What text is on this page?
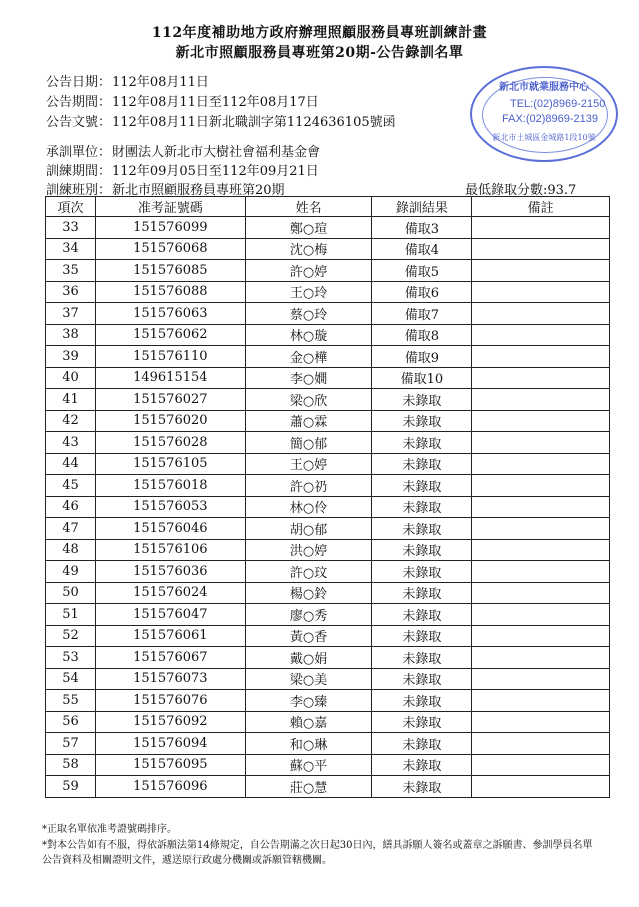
112年度補助地方政府辦理照顧服務員專班訓練計畫
新北市照顧服務員專班第20期-公告錄訓名單
公告日期：112年08月11日
公告期間：112年08月11日至112年08月17日
公告文號：112年08月11日新北職訓字第1124636105號函
承訓單位：財團法人新北市大樹社會福利基金會
訓練期間：112年09月05日至112年09月21日
訓練班別：新北市照顧服務員專班第20期	最低錄取分數:93.7
新北市就業服務中心
TEL:(02)8969-2150
FAX:(02)8969-2139
新北市土城區金城路1段10號
項次	准考証號碼	姓名	錄訓結果	備註
33	151576099	鄭○瑄	備取3	
34	151576068	沈○梅	備取4	
35	151576085	許○婷	備取5	
36	151576088	王○玲	備取6	
37	151576063	蔡○玲	備取7	
38	151576062	林○璇	備取8	
39	151576110	金○樺	備取9	
40	149615154	李○嫺	備取10	
41	151576027	梁○欣	未錄取	
42	151576020	蕭○霖	未錄取	
43	151576028	簡○郁	未錄取	
44	151576105	王○婷	未錄取	
45	151576018	許○礽	未錄取	
46	151576053	林○伶	未錄取	
47	151576046	胡○郁	未錄取	
48	151576106	洪○婷	未錄取	
49	151576036	許○玟	未錄取	
50	151576024	楊○鈴	未錄取	
51	151576047	廖○秀	未錄取	
52	151576061	黃○香	未錄取	
53	151576067	戴○娟	未錄取	
54	151576073	梁○美	未錄取	
55	151576076	李○臻	未錄取	
56	151576092	賴○嘉	未錄取	
57	151576094	和○琳	未錄取	
58	151576095	蘇○平	未錄取	
59	151576096	莊○慧	未錄取	
*正取名單依准考證號碼排序。
*對本公告如有不服，得依訴願法第14條規定，自公告期滿之次日起30日內，繕具訴願人簽名或蓋章之訴願書、參訓學員名單公告資料及相關證明文件，遞送原行政處分機關或訴願管轄機關。
